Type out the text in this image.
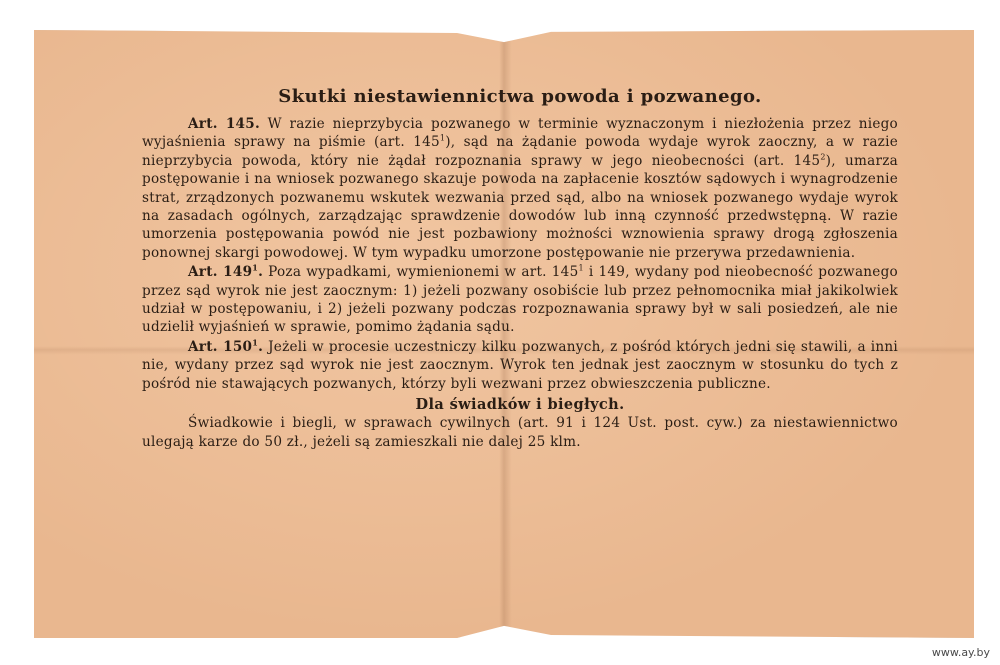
Skutki niestawiennictwa powoda i pozwanego.

Art. 145. W razie nieprzybycia pozwanego w terminie wyznaczonym i niezłożenia przez niego wyjaśnienia sprawy na piśmie (art. $145^1$), sąd na żądanie powoda wydaje wyrok zaoczny, a w razie nieprzybycia powoda, który nie żądał rozpoznania sprawy w jego nieobecności (art. $145^2$), umarza postępowanie i na wniosek pozwanego skazuje powoda na zapłacenie kosztów sądowych i wynagrodzenie strat, zrządzonych pozwanemu wskutek wezwania przed sąd, albo na wniosek pozwanego wydaje wyrok na zasadach ogólnych, zarządzając sprawdzenie dowodów lub inną czynność przedwstępną. W razie umorzenia postępowania powód nie jest pozbawiony możności wznowienia sprawy drogą zgłoszenia ponownej skargi powodowej. W tym wypadku umorzone postępowanie nie przerywa przedawnienia.

Art. $149^1$. Poza wypadkami, wymienionemi w art. $145^1$ i 149, wydany pod nieobecność pozwanego przez sąd wyrok nie jest zaocznym: 1) jeżeli pozwany osobiście lub przez pełnomocnika miał jakikolwiek udział w postępowaniu, i 2) jeżeli pozwany podczas rozpoznawania sprawy był w sali posiedzeń, ale nie udzielił wyjaśnień w sprawie, pomimo żądania sądu.

Art. $150^1$. Jeżeli w procesie uczestniczy kilku pozwanych, z pośród których jedni się stawili, a inni nie, wydany przez sąd wyrok nie jest zaocznym. Wyrok ten jednak jest zaocznym w stosunku do tych z pośród nie stawających pozwanych, którzy byli wezwani przez obwieszczenia publiczne.

Dla świadków i biegłych.

Świadkowie i biegli, w sprawach cywilnych (art. 91 i 124 Ust. post. cyw.) za niestawiennictwo ulegają karze do 50 zł., jeżeli są zamieszkali nie dalej 25 klm.

www.ay.by
